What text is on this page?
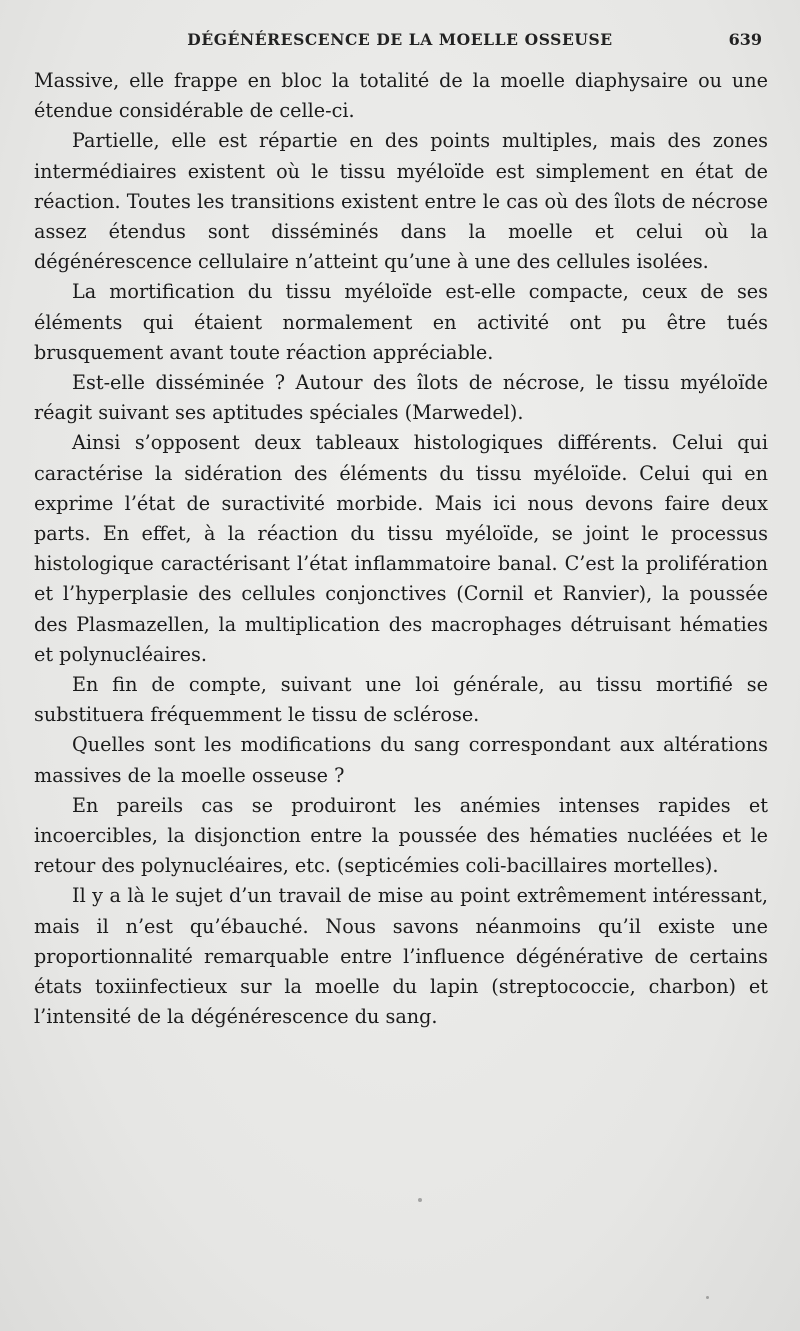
DÉGÉNÉRESCENCE DE LA MOELLE OSSEUSE	639

Massive, elle frappe en bloc la totalité de la moelle diaphysaire ou une étendue considérable de celle-ci.

Partielle, elle est répartie en des points multiples, mais des zones intermédiaires existent où le tissu myéloïde est simplement en état de réaction. Toutes les transitions existent entre le cas où des îlots de nécrose assez étendus sont disséminés dans la moelle et celui où la dégénérescence cellulaire n’atteint qu’une à une des cellules isolées.

La mortification du tissu myéloïde est-elle compacte, ceux de ses éléments qui étaient normalement en activité ont pu être tués brusquement avant toute réaction appréciable.

Est-elle disséminée ? Autour des îlots de nécrose, le tissu myéloïde réagit suivant ses aptitudes spéciales (Marwedel).

Ainsi s’opposent deux tableaux histologiques différents. Celui qui caractérise la sidération des éléments du tissu myéloïde. Celui qui en exprime l’état de suractivité morbide. Mais ici nous devons faire deux parts. En effet, à la réaction du tissu myéloïde, se joint le processus histologique caractérisant l’état inflammatoire banal. C’est la prolifération et l’hyperplasie des cellules conjonctives (Cornil et Ranvier), la poussée des Plasmazellen, la multiplication des macrophages détruisant hématies et polynucléaires.

En fin de compte, suivant une loi générale, au tissu mortifié se substituera fréquemment le tissu de sclérose.

Quelles sont les modifications du sang correspondant aux altérations massives de la moelle osseuse ?

En pareils cas se produiront les anémies intenses rapides et incoercibles, la disjonction entre la poussée des hématies nucléées et le retour des polynucléaires, etc. (septicémies coli-bacillaires mortelles).

Il y a là le sujet d’un travail de mise au point extrêmement intéressant, mais il n’est qu’ébauché. Nous savons néanmoins qu’il existe une proportionnalité remarquable entre l’influence dégénérative de certains états toxiinfectieux sur la moelle du lapin (streptococcie, charbon) et l’intensité de la dégénérescence du sang.
